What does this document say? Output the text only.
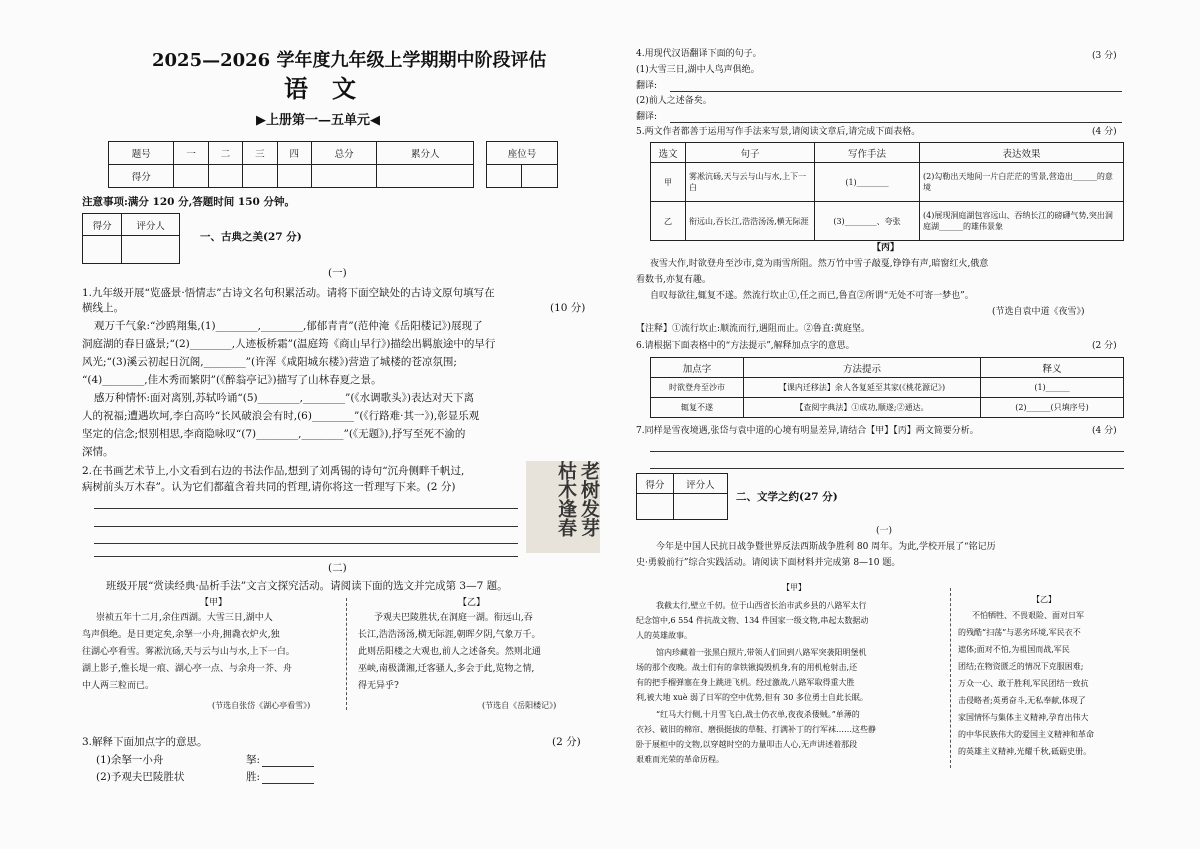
2025—2026 学年度九年级上学期期中阶段评估
语　文
▶上册第一—五单元◀
题号	一	二	三	四	总分	累分人
得分						
座位号

注意事项:满分 120 分,答题时间 150 分钟。
得分	评分人

一、古典之美(27 分)
(一)
1.九年级开展“览盛景·悟情志”古诗文名句积累活动。请将下面空缺处的古诗文原句填写在
横线上。	(10 分)
观万千气象:“沙鸥翔集,(1)________,________,郁郁青青”(范仲淹《岳阳楼记》)展现了
洞庭湖的春日盛景;“(2)________,人迹板桥霜”(温庭筠《商山早行》)描绘出羁旅途中的早行
风光;“(3)溪云初起日沉阁,________”(许浑《咸阳城东楼》)营造了城楼的苍凉氛围;
“(4)________,佳木秀而繁阴”(《醉翁亭记》)描写了山林春夏之景。
感万种情怀:面对离别,苏轼吟诵“(5)________,________”(《水调歌头》)表达对天下离
人的祝福;遭遇坎坷,李白高吟“长风破浪会有时,(6)________”(《行路难·其一》),彰显乐观
坚定的信念;恨别相思,李商隐咏叹“(7)________,________”(《无题》),抒写至死不渝的
深情。
2.在书画艺术节上,小文看到右边的书法作品,想到了刘禹锡的诗句“沉舟侧畔千帆过,
病树前头万木春”。认为它们都蕴含着共同的哲理,请你将这一哲理写下来。(2 分)	老树发芽
枯木逢春
(二)
班级开展“赏读经典·品析手法”文言文探究活动。请阅读下面的选文并完成第 3—7 题。
【甲】
崇祯五年十二月,余住西湖。大雪三日,湖中人
鸟声俱绝。是日更定矣,余拏一小舟,拥毳衣炉火,独
往湖心亭看雪。雾凇沆砀,天与云与山与水,上下一白。
湖上影子,惟长堤一痕、湖心亭一点、与余舟一芥、舟
中人两三粒而已。
(节选自张岱《湖心亭看雪》)
【乙】
予观夫巴陵胜状,在洞庭一湖。衔远山,吞
长江,浩浩汤汤,横无际涯,朝晖夕阴,气象万千。
此则岳阳楼之大观也,前人之述备矣。然则北通
巫峡,南极潇湘,迁客骚人,多会于此,览物之情,
得无异乎?
(节选自《岳阳楼记》)
3.解释下面加点字的意思。	(2 分)
(1)余拏一小舟	拏:
(2)予观夫巴陵胜状	胜:
4.用现代汉语翻译下面的句子。	(3 分)
(1)大雪三日,湖中人鸟声俱绝。
翻译:
(2)前人之述备矣。
翻译:
5.两文作者都善于运用写作手法来写景,请阅读文章后,请完成下面表格。	(4 分)
选文	句子	写作手法	表达效果
甲	雾凇沆砀,天与云与山与水,上下一白	(1)________	(2)勾勒出天地间一片白茫茫的雪景,营造出______的意境
乙	衔远山,吞长江,浩浩汤汤,横无际涯	(3)________、夸张	(4)展现洞庭湖包容远山、吞纳长江的磅礴气势,突出洞庭湖______的雄伟景象
【丙】
夜雪大作,时欲登舟至沙市,竟为雨雪所阻。然万竹中雪子敲戛,铮铮有声,暗窗红火,俄意
看数书,亦复有趣。
自叹每欲往,辄复不遂。然流行坎止①,任之而已,鲁直②所谓“无处不可寄一梦也”。
(节选自袁中道《夜雪》)
【注释】①流行坎止:顺流而行,遇阻而止。②鲁直:黄庭坚。
6.请根据下面表格中的“方法提示”,解释加点字的意思。	(2 分)
加点字	方法提示	释义
时欲登舟至沙市	【课内迁移法】余人各复延至其家(《桃花源记》)	(1)______
辄复不遂	【查阅字典法】①成功,顺遂;②通达。	(2)______(只填序号)
7.同样是雪夜境遇,张岱与袁中道的心境有明显差异,请结合【甲】【丙】两文简要分析。	(4 分)
得分	评分人

二、文学之约(27 分)
(一)
今年是中国人民抗日战争暨世界反法西斯战争胜利 80 周年。为此,学校开展了“铭记历
史·勇毅前行”综合实践活动。请阅读下面材料并完成第 8—10 题。
【甲】
我截太行,壁立千仞。位于山西省长治市武乡县的八路军太行
纪念馆中,6 554 件抗战文物、134 件国家一级文物,串起太数据动
人的英雄故事。
馆内珍藏着一张黑白照片,带领人们回到八路军突袭阳明堡机
场的那个夜晚。战士们有的拿铁锹捣毁机身,有的用机枪射击,还
有的把手榴弹塞在身上跳进飞机。经过激战,八路军取得重大胜
利,被大地 xuè 弱了日军的空中优势,但有 30 多位勇士自此长眠。
“红马大行侧,十月雪飞白,战士仍衣单,夜夜杀倭贼。”单薄的
衣衫、破旧的棉帘、磨损挺拔的草鞋、打满补丁的行军袜……这些静
卧于展柜中的文物,以穿越时空的力量叩击人心,无声讲述着那段
艰难而光荣的革命历程。
【乙】
不怕牺牲、不畏艰险、面对日军
的残酷“扫荡”与恶劣环境,军民衣不
遮体;面对不怕,为祖国而战,军民
团结;在物资匮乏的情况下克服困难;
万众一心、敢于胜利,军民团结一致抗
击侵略者;英勇奋斗,无私奉献,体现了
家国情怀与集体主义精神,孕育出伟大
的中华民族伟大的爱国主义精神和革命
的英雄主义精神,光耀千秋,砥砺史册。
